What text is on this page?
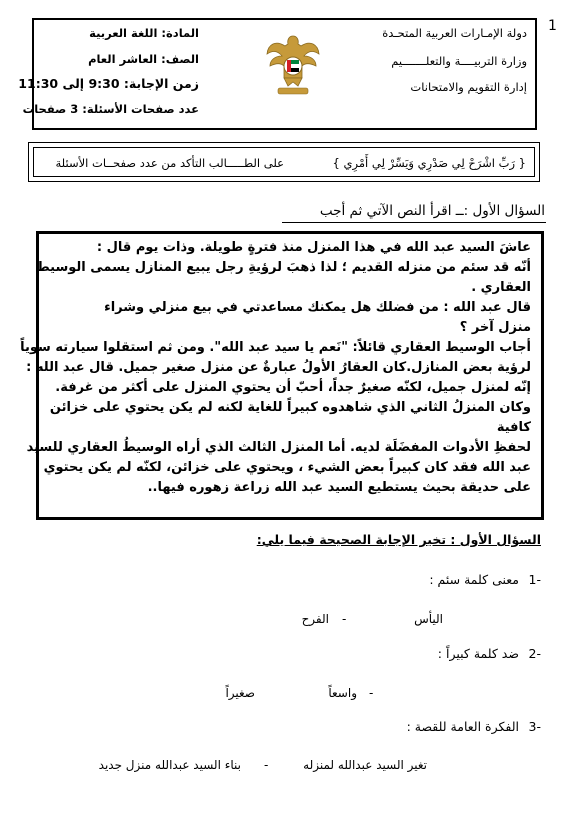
1
دولة الإمـارات العربية المتحـدة
وزارة التربيــــة والتعلـــــــيم
إدارة التقويم والامتحانات
المادة: اللغة العربية
الصف: العاشر العام
زمن الإجابة: 9:30 إلى 11:30
عدد صفحات الأسئلة: 3 صفحات
{ رَبِّ اشْرَحْ لِي صَدْرِي وَيَسِّرْ لِي أَمْرِي }
على الطـــــالب التأكد من عدد صفحــات الأسئلة
السؤال الأول :ــ اقرأ النص الآتي ثم أجب
عاشَ السيد عبد الله في هذا المنزل منذ فترةٍ طويلة. وذات يوم قال :
أنّه قد سئم من منزله القديم ؛ لذا ذهبَ لرؤيةِ رجل يبيع المنازل يسمى الوسيط
العقاري .
قال عبد الله : من فضلك هل يمكنك مساعدتي في بيع منزلي وشراء
منزل آخر ؟
أجاب الوسيط العقاري قائلاً: "نَعم يا سيد عبد الله". ومن ثم استقلوا سيارته سوياً
لرؤية بعض المنازل.كان العقارُ الأولُ عبارةٌ عن منزل صغير جميل. قال عبد الله :
إنّه لمنزل جميل، لكنّه صغيرٌ جداً، أحبّ أن يحتوي المنزل على أكثر من غرفة.
وكان المنزلُ الثاني الذي شاهدوه كبيراً للغاية لكنه لم يكن يحتوي على خزائن
كافية
لحفظِ الأدوات المفضَلَة لديه. أما المنزل الثالث الذي أراه الوسيطُ العقاري للسيد
عبد الله فقد كان كبيراً بعض الشيء ، ويحتوي على خزائن، لكنّه لم يكن يحتوي
على حديقة بحيث يستطيع السيد عبد الله زراعة زهوره فيها..
السؤال الأول : تخير الإجابة الصحيحة فيما يلي:
1-
معنى كلمة سئم :
اليأس
-
الفرح
2-
ضد كلمة كبيراً :
واسعاً -
صغيراً
3-
الفكرة العامة للقصة :
تغير السيد عبدالله لمنزله
-
بناء السيد عبدالله منزل جديد
